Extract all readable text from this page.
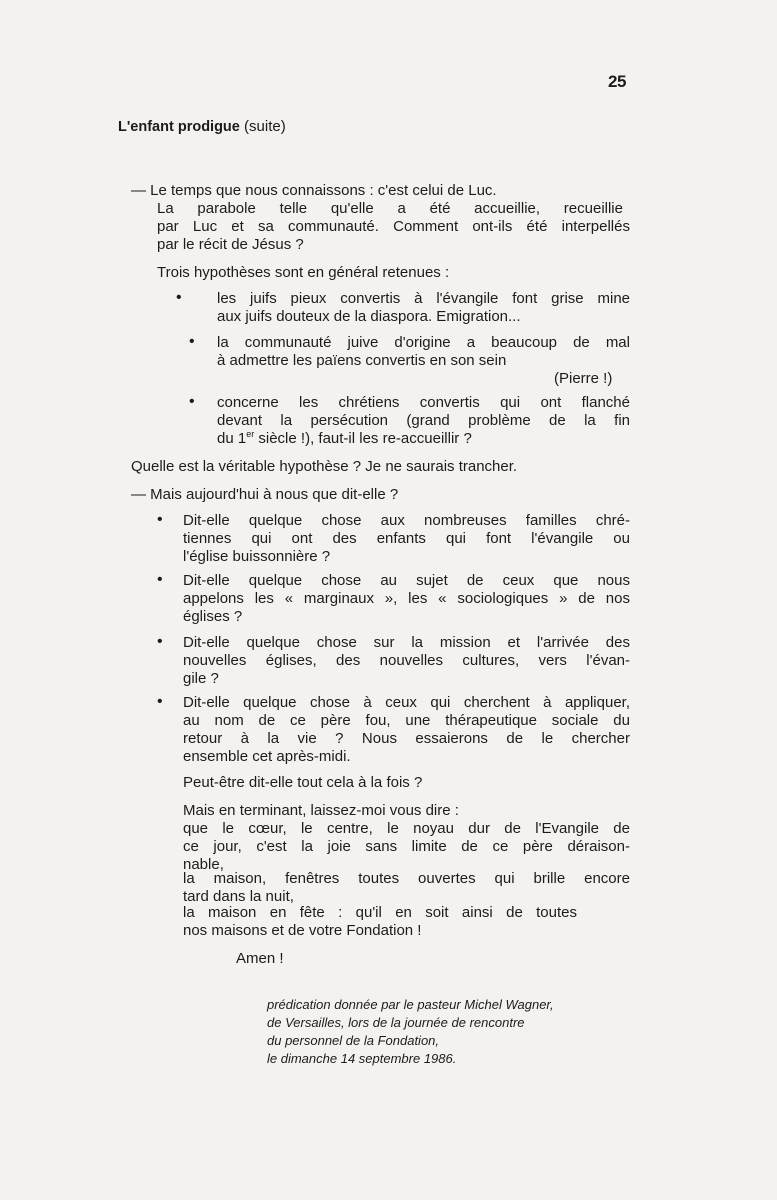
25
L'enfant prodigue (suite)
— Le temps que nous connaissons : c'est celui de Luc.
La parabole telle qu'elle a été accueillie, recueillie
par Luc et sa communauté. Comment ont-ils été interpellés
par le récit de Jésus ?
Trois hypothèses sont en général retenues :
• les juifs pieux convertis à l'évangile font grise mine
aux juifs douteux de la diaspora. Emigration...
• la communauté juive d'origine a beaucoup de mal
à admettre les païens convertis en son sein
(Pierre !)
• concerne les chrétiens convertis qui ont flanché
devant la persécution (grand problème de la fin
du 1er siècle !), faut-il les re-accueillir ?
Quelle est la véritable hypothèse ? Je ne saurais trancher.
— Mais aujourd'hui à nous que dit-elle ?
• Dit-elle quelque chose aux nombreuses familles chré-
tiennes qui ont des enfants qui font l'évangile ou
l'église buissonnière ?
• Dit-elle quelque chose au sujet de ceux que nous
appelons les « marginaux », les « sociologiques » de nos
églises ?
• Dit-elle quelque chose sur la mission et l'arrivée des
nouvelles églises, des nouvelles cultures, vers l'évan-
gile ?
• Dit-elle quelque chose à ceux qui cherchent à appliquer,
au nom de ce père fou, une thérapeutique sociale du
retour à la vie ? Nous essaierons de le chercher
ensemble cet après-midi.
Peut-être dit-elle tout cela à la fois ?
Mais en terminant, laissez-moi vous dire :
que le cœur, le centre, le noyau dur de l'Evangile de
ce jour, c'est la joie sans limite de ce père déraison-
nable,
la maison, fenêtres toutes ouvertes qui brille encore
tard dans la nuit,
la maison en fête : qu'il en soit ainsi de toutes
nos maisons et de votre Fondation !
Amen !
prédication donnée par le pasteur Michel Wagner,
de Versailles, lors de la journée de rencontre
du personnel de la Fondation,
le dimanche 14 septembre 1986.
